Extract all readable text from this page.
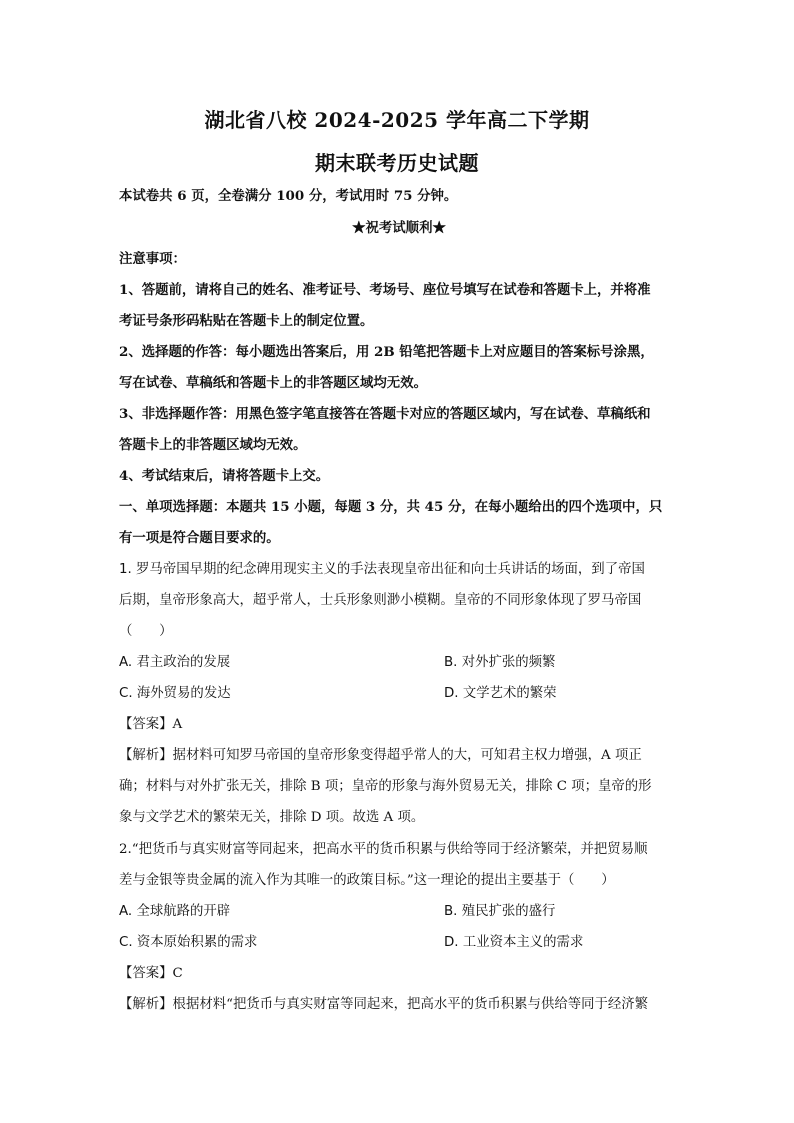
湖北省八校 2024-2025 学年高二下学期
期末联考历史试题
本试卷共 6 页，全卷满分 100 分，考试用时 75 分钟。
★祝考试顺利★
注意事项：
1、答题前，请将自己的姓名、准考证号、考场号、座位号填写在试卷和答题卡上，并将准
考证号条形码粘贴在答题卡上的制定位置。
2、选择题的作答：每小题选出答案后，用 2B 铅笔把答题卡上对应题目的答案标号涂黑，
写在试卷、草稿纸和答题卡上的非答题区域均无效。
3、非选择题作答：用黑色签字笔直接答在答题卡对应的答题区域内，写在试卷、草稿纸和
答题卡上的非答题区域均无效。
4、考试结束后，请将答题卡上交。
一、单项选择题：本题共 15 小题，每题 3 分，共 45 分，在每小题给出的四个选项中，只
有一项是符合题目要求的。
1. 罗马帝国早期的纪念碑用现实主义的手法表现皇帝出征和向士兵讲话的场面，到了帝国
后期，皇帝形象高大，超乎常人，士兵形象则渺小模糊。皇帝的不同形象体现了罗马帝国
（　　）
A. 君主政治的发展	B. 对外扩张的频繁
C. 海外贸易的发达	D. 文学艺术的繁荣
【答案】A
【解析】据材料可知罗马帝国的皇帝形象变得超乎常人的大，可知君主权力增强，A 项正
确；材料与对外扩张无关，排除 B 项；皇帝的形象与海外贸易无关，排除 C 项；皇帝的形
象与文学艺术的繁荣无关，排除 D 项。故选 A 项。
2.“把货币与真实财富等同起来，把高水平的货币积累与供给等同于经济繁荣，并把贸易顺
差与金银等贵金属的流入作为其唯一的政策目标。”这一理论的提出主要基于（　　）
A. 全球航路的开辟	B. 殖民扩张的盛行
C. 资本原始积累的需求	D. 工业资本主义的需求
【答案】C
【解析】根据材料“把货币与真实财富等同起来，把高水平的货币积累与供给等同于经济繁
